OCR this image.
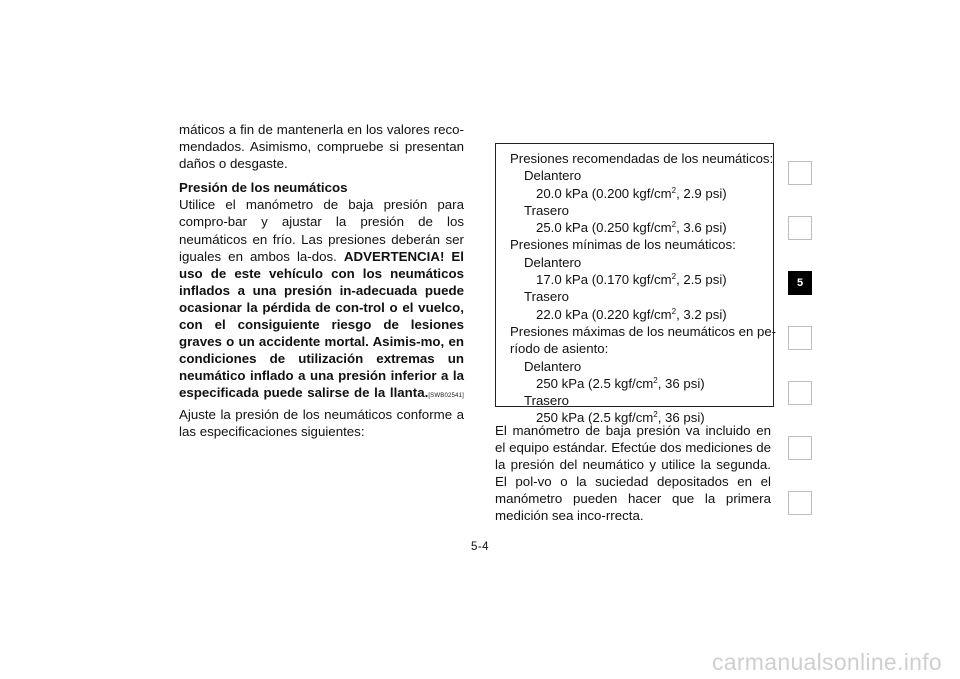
máticos a fin de mantenerla en los valores reco-mendados. Asimismo, compruebe si presentan daños o desgaste.

Presión de los neumáticos

Utilice el manómetro de baja presión para compro-bar y ajustar la presión de los neumáticos en frío. Las presiones deberán ser iguales en ambos la-dos. ADVERTENCIA! El uso de este vehículo con los neumáticos inflados a una presión in-adecuada puede ocasionar la pérdida de con-trol o el vuelco, con el consiguiente riesgo de lesiones graves o un accidente mortal. Asimis-mo, en condiciones de utilización extremas un neumático inflado a una presión inferior a la especificada puede salirse de la llanta.[SWB02541] Ajuste la presión de los neumáticos conforme a las especificaciones siguientes:

Presiones recomendadas de los neumáticos:
Delantero
20.0 kPa (0.200 kgf/$cm^2$, 2.9 psi)
Trasero
25.0 kPa (0.250 kgf/$cm^2$, 3.6 psi)
Presiones mínimas de los neumáticos:
Delantero
17.0 kPa (0.170 kgf/$cm^2$, 2.5 psi)
Trasero
22.0 kPa (0.220 kgf/$cm^2$, 3.2 psi)
Presiones máximas de los neumáticos en pe-
ríodo de asiento:
Delantero
250 kPa (2.5 kgf/$cm^2$, 36 psi)
Trasero
250 kPa (2.5 kgf/$cm^2$, 36 psi)

El manómetro de baja presión va incluido en el equipo estándar. Efectúe dos mediciones de la presión del neumático y utilice la segunda. El pol-vo o la suciedad depositados en el manómetro pueden hacer que la primera medición sea inco-rrecta.

5-4
5
carmanualsonline.info
